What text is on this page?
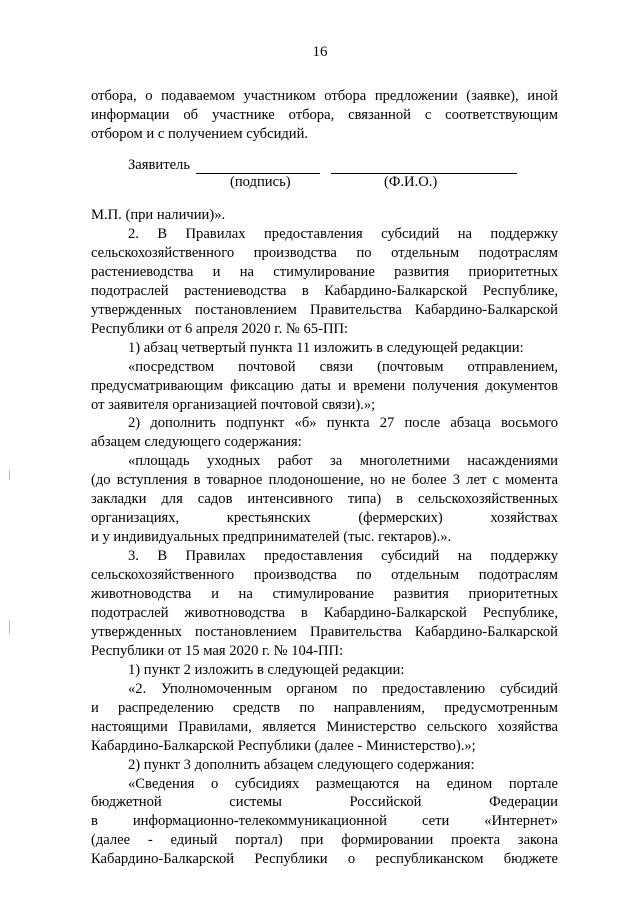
16
отбора, о подаваемом участником отбора предложении (заявке), иной
информации об участнике отбора, связанной с соответствующим
отбором и с получением субсидий.
Заявитель
(подпись)	(Ф.И.О.)
М.П. (при наличии)».
2. В Правилах предоставления субсидий на поддержку
сельскохозяйственного производства по отдельным подотраслям
растениеводства и на стимулирование развития приоритетных
подотраслей растениеводства в Кабардино-Балкарской Республике,
утвержденных постановлением Правительства Кабардино-Балкарской
Республики от 6 апреля 2020 г. № 65-ПП:
1) абзац четвертый пункта 11 изложить в следующей редакции:
«посредством почтовой связи (почтовым отправлением,
предусматривающим фиксацию даты и времени получения документов
от заявителя организацией почтовой связи).»;
2) дополнить подпункт «б» пункта 27 после абзаца восьмого
абзацем следующего содержания:
«площадь уходных работ за многолетними насаждениями
(до вступления в товарное плодоношение, но не более 3 лет с момента
закладки для садов интенсивного типа) в сельскохозяйственных
организациях, крестьянских (фермерских) хозяйствах
и у индивидуальных предпринимателей (тыс. гектаров).».
3. В Правилах предоставления субсидий на поддержку
сельскохозяйственного производства по отдельным подотраслям
животноводства и на стимулирование развития приоритетных
подотраслей животноводства в Кабардино-Балкарской Республике,
утвержденных постановлением Правительства Кабардино-Балкарской
Республики от 15 мая 2020 г. № 104-ПП:
1) пункт 2 изложить в следующей редакции:
«2. Уполномоченным органом по предоставлению субсидий
и распределению средств по направлениям, предусмотренным
настоящими Правилами, является Министерство сельского хозяйства
Кабардино-Балкарской Республики (далее - Министерство).»;
2) пункт 3 дополнить абзацем следующего содержания:
«Сведения о субсидиях размещаются на едином портале
бюджетной системы Российской Федерации
в информационно-телекоммуникационной сети «Интернет»
(далее - единый портал) при формировании проекта закона
Кабардино-Балкарской Республики о республиканском бюджете
